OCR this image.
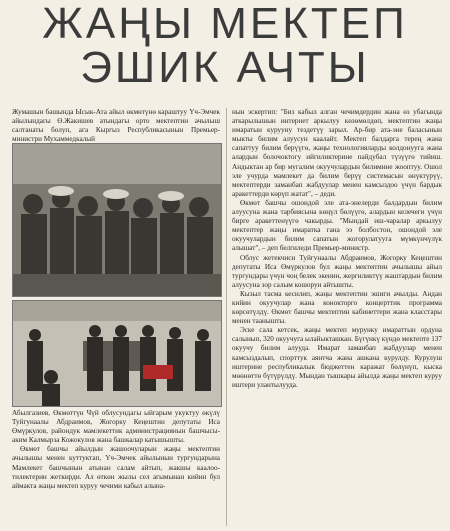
ЖАҢЫ МЕКТЕП
ЭШИК АЧТЫ

Жумашын башында Ысык-Ата айыл өкмөтүнө караштуу Үч-Эмчек айылындагы Ө.Жакишев атындагы орто мектептин ачылыш салтанаты болуп, ага Кыргыз Республикасынын Премьер-министри Мухаммедкалый

Абылгазиев, Өкмөттүн Чүй облусундагы ыйгарым укуктуу өкүлү Туйгунаалы Абдраимов, Жогорку Кеңештин депутаты Иса Өмүркулов, райондук мамлекеттик администрациянын башчысы-аким Калмырза Кожокулов жана башкалар катышышты.

Өкмөт башчы айылдын жашоочуларын жаңы мектептин ачылышы менен куттуктап, Үч-Эмчек айылынын тургундарына Мамлекет башчынын атынан салам айтып, жакшы каалоо-тилектерин жеткирди. Ал өткөн жылы сел агымынан кийин бул аймакта жаңы мектеп куруу чечими кабыл алына-

нын эскертип: "Биз кабыл алган чечимдердин жана өз убагында аткарылышын интернет аркылуу көзөмөлдөп, мектептин жаңы имаратын курууну тездетүү зарыл. Ар-бир ата-эне баласынын мыкты билим алуусун каалайт. Мектеп балдарга терең жана сапаттуу билим берүүгө, жаңы технологияларды колдонууга жана алардын болочоктогу ийгиликтерине пайдубал түзүүгө тийиш. Андыктан ар бир мугалим окуучулардын билимине жооптуу. Ошол эле учурда мамлекет да билим берүү системасын өнүктүрүү, мектептерди заманбап жабдуулар менен камсыздоо үчүн бардык аракеттерди көрүп жатат", – деди.

Өкмөт башчы ошондой эле ата-энелерди балдардын билим алуусуна жана тарбиясына көңүл бөлүүгө, алардын келечеги үчүн бирге аракеттенүүгө чакырды. "Мындай иш-чаралар аркылуу мектептер жаңы имаратка гана ээ болбостон, ошондой эле окуучулардын билим сапатын жогорулатууга мүмкүнчүлүк алышат", – деп белгиледи Премьер-министр.

Облус жетекчиси Туйгунаалы Абдраимов, Жогорку Кеңештин депутаты Иса Өмүркулов бул жаңы мектептин ачылышы айыл тургундары үчүн чоң белек экенин, жергиликтүү жаштардын билим алуусуна зор салым кошорун айтышты.

Кызыл тасма кесилип, жаңы мектептин эшиги ачылды. Андан кийин окуучулар жана конокторго концерттик программа көрсөтүлдү. Өкмөт башчы мектептин кабинеттери жана класстары менен таанышты.

Эске сала кетсек, жаңы мектеп мурунку имараттын ордуна салынып, 320 окуучуга ылайыкташкан. Бүгүнкү күндө мектепте 137 окуучу билим алууда. Имарат заманбап жабдуулар менен камсыздалып, спорттук аянтча жана ашкана курулду. Курулуш иштерине республикалык бюджеттен каражат бөлүнүп, кыска мөөнөттө бүтүрүлдү. Мындан тышкары айылда жаңы мектеп куруу иштери улантылууда.
